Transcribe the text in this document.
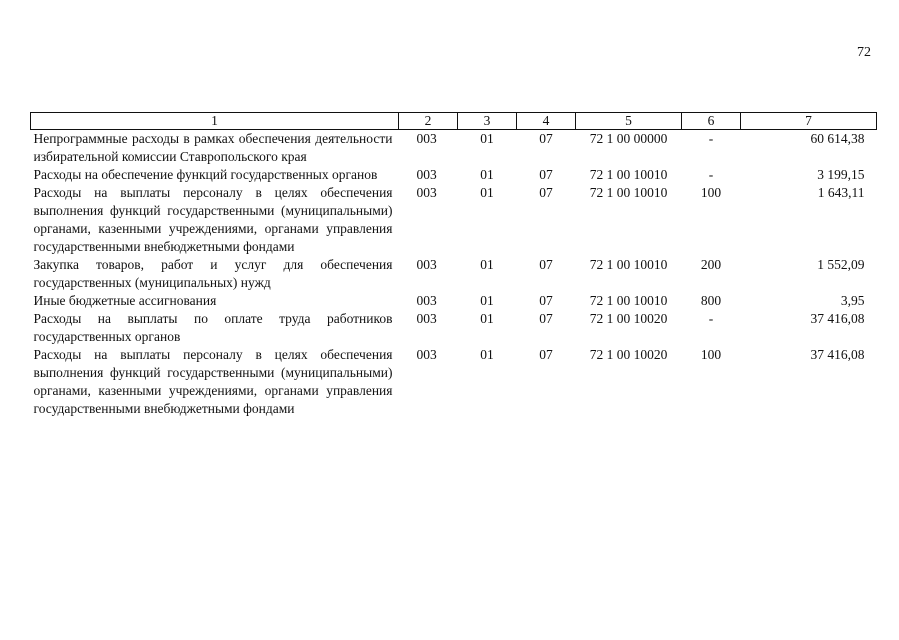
72
1	2	3	4	5	6	7
Непрограммные расходы в рамках обеспечения деятельности избирательной комиссии Ставропольского края	003	01	07	72 1 00 00000	-	60 614,38
Расходы на обеспечение функций государственных органов	003	01	07	72 1 00 10010	-	3 199,15
Расходы на выплаты персоналу в целях обеспечения выполнения функций государственными (муниципальными) органами, казенными учреждениями, органами управления государственными внебюджетными фондами	003	01	07	72 1 00 10010	100	1 643,11
Закупка товаров, работ и услуг для обеспечения государственных (муниципальных) нужд	003	01	07	72 1 00 10010	200	1 552,09
Иные бюджетные ассигнования	003	01	07	72 1 00 10010	800	3,95
Расходы на выплаты по оплате труда работников государственных органов	003	01	07	72 1 00 10020	-	37 416,08
Расходы на выплаты персоналу в целях обеспечения выполнения функций государственными (муниципальными) органами, казенными учреждениями, органами управления государственными внебюджетными фондами	003	01	07	72 1 00 10020	100	37 416,08
